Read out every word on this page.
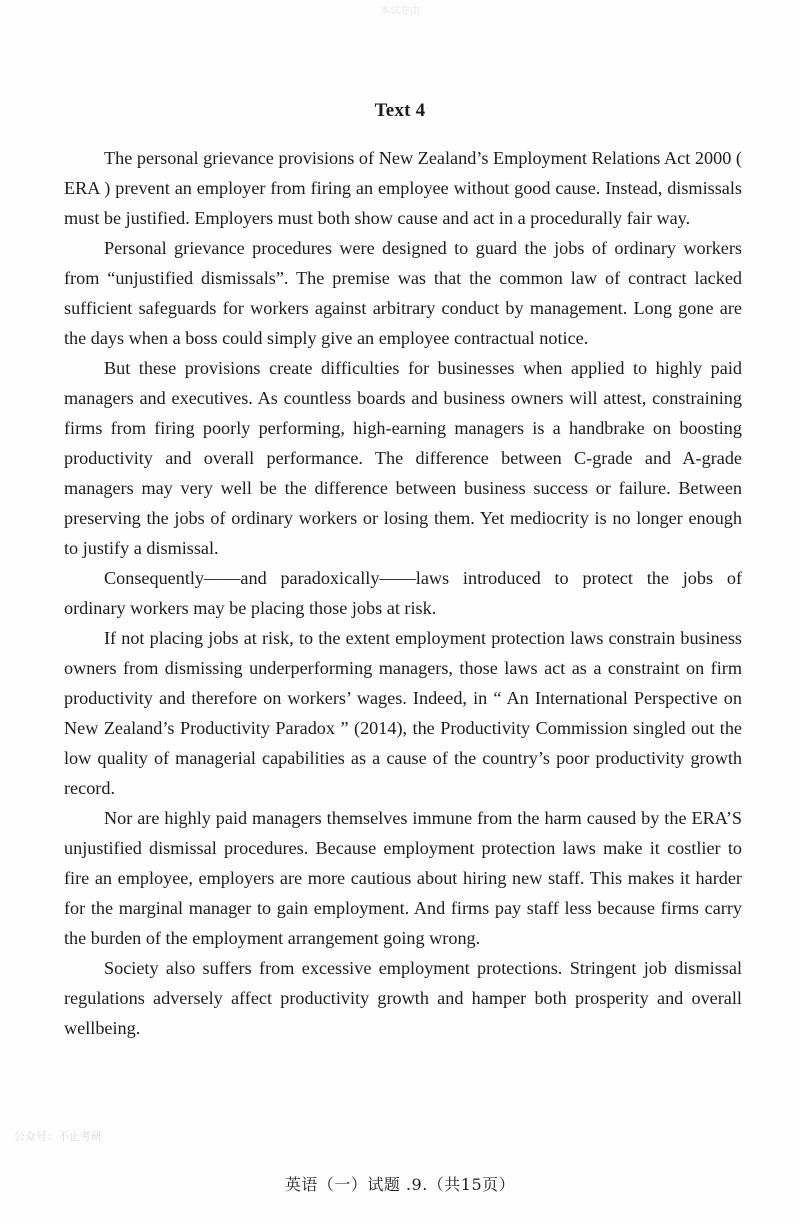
本试卷由
Text 4

The personal grievance provisions of New Zealand’s Employment Relations Act 2000 ( ERA ) prevent an employer from firing an employee without good cause. Instead, dismissals must be justified. Employers must both show cause and act in a procedurally fair way.

Personal grievance procedures were designed to guard the jobs of ordinary workers from “unjustified dismissals”. The premise was that the common law of contract lacked sufficient safeguards for workers against arbitrary conduct by management. Long gone are the days when a boss could simply give an employee contractual notice.

But these provisions create difficulties for businesses when applied to highly paid managers and executives. As countless boards and business owners will attest, constraining firms from firing poorly performing, high-earning managers is a handbrake on boosting productivity and overall performance. The difference between C-grade and A-grade managers may very well be the difference between business success or failure. Between preserving the jobs of ordinary workers or losing them. Yet mediocrity is no longer enough to justify a dismissal.

Consequently——and paradoxically——laws introduced to protect the jobs of ordinary workers may be placing those jobs at risk.

If not placing jobs at risk, to the extent employment protection laws constrain business owners from dismissing underperforming managers, those laws act as a constraint on firm productivity and therefore on workers’ wages. Indeed, in “ An International Perspective on New Zealand’s Productivity Paradox ” (2014), the Productivity Commission singled out the low quality of managerial capabilities as a cause of the country’s poor productivity growth record.

Nor are highly paid managers themselves immune from the harm caused by the ERA’S unjustified dismissal procedures. Because employment protection laws make it costlier to fire an employee, employers are more cautious about hiring new staff. This makes it harder for the marginal manager to gain employment. And firms pay staff less because firms carry the burden of the employment arrangement going wrong.

Society also suffers from excessive employment protections. Stringent job dismissal regulations adversely affect productivity growth and hamper both prosperity and overall wellbeing.

公众号：不止考研
英语（一）试题 .9.（共15页）
